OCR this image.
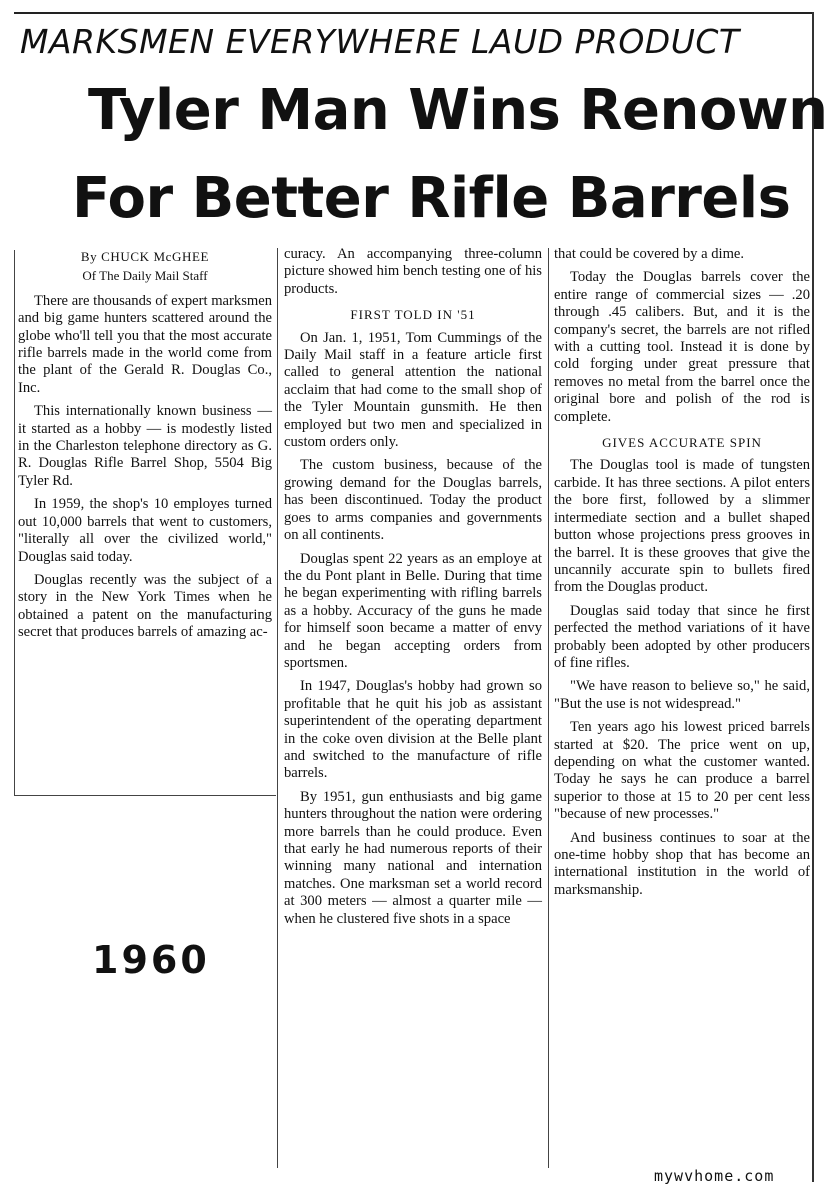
MARKSMEN EVERYWHERE LAUD PRODUCT
Tyler Man Wins Renown
For Better Rifle Barrels

By CHUCK McGHEE

Of The Daily Mail Staff

There are thousands of expert marksmen and big game hunters scattered around the globe who'll tell you that the most accurate rifle barrels made in the world come from the plant of the Gerald R. Douglas Co., Inc.

This internationally known business — it started as a hobby — is modestly listed in the Charleston telephone directory as G. R. Douglas Rifle Barrel Shop, 5504 Big Tyler Rd.

In 1959, the shop's 10 employes turned out 10,000 barrels that went to customers, "literally all over the civilized world," Douglas said today.

Douglas recently was the subject of a story in the New York Times when he obtained a patent on the manufacturing secret that produces barrels of amazing ac-

curacy. An accompanying three-column picture showed him bench testing one of his products.

FIRST TOLD IN '51

On Jan. 1, 1951, Tom Cummings of the Daily Mail staff in a feature article first called to general attention the national acclaim that had come to the small shop of the Tyler Mountain gunsmith. He then employed but two men and specialized in custom orders only.

The custom business, because of the growing demand for the Douglas barrels, has been discontinued. Today the product goes to arms companies and governments on all continents.

Douglas spent 22 years as an employe at the du Pont plant in Belle. During that time he began experimenting with rifling barrels as a hobby. Accuracy of the guns he made for himself soon became a matter of envy and he began accepting orders from sportsmen.

In 1947, Douglas's hobby had grown so profitable that he quit his job as assistant superintendent of the operating department in the coke oven division at the Belle plant and switched to the manufacture of rifle barrels.

By 1951, gun enthusiasts and big game hunters throughout the nation were ordering more barrels than he could produce. Even that early he had numerous reports of their winning many national and internation matches. One marksman set a world record at 300 meters — almost a quarter mile — when he clustered five shots in a space

that could be covered by a dime.

Today the Douglas barrels cover the entire range of commercial sizes — .20 through .45 calibers. But, and it is the company's secret, the barrels are not rifled with a cutting tool. Instead it is done by cold forging under great pressure that removes no metal from the barrel once the original bore and polish of the rod is complete.

GIVES ACCURATE SPIN

The Douglas tool is made of tungsten carbide. It has three sections. A pilot enters the bore first, followed by a slimmer intermediate section and a bullet shaped button whose projections press grooves in the barrel. It is these grooves that give the uncannily accurate spin to bullets fired from the Douglas product.

Douglas said today that since he first perfected the method variations of it have probably been adopted by other producers of fine rifles.

"We have reason to believe so," he said, "But the use is not widespread."

Ten years ago his lowest priced barrels started at $20. The price went on up, depending on what the customer wanted. Today he says he can produce a barrel superior to those at 15 to 20 per cent less "because of new processes."

And business continues to soar at the one-time hobby shop that has become an international institution in the world of marksmanship.

1960
mywvhome.com
